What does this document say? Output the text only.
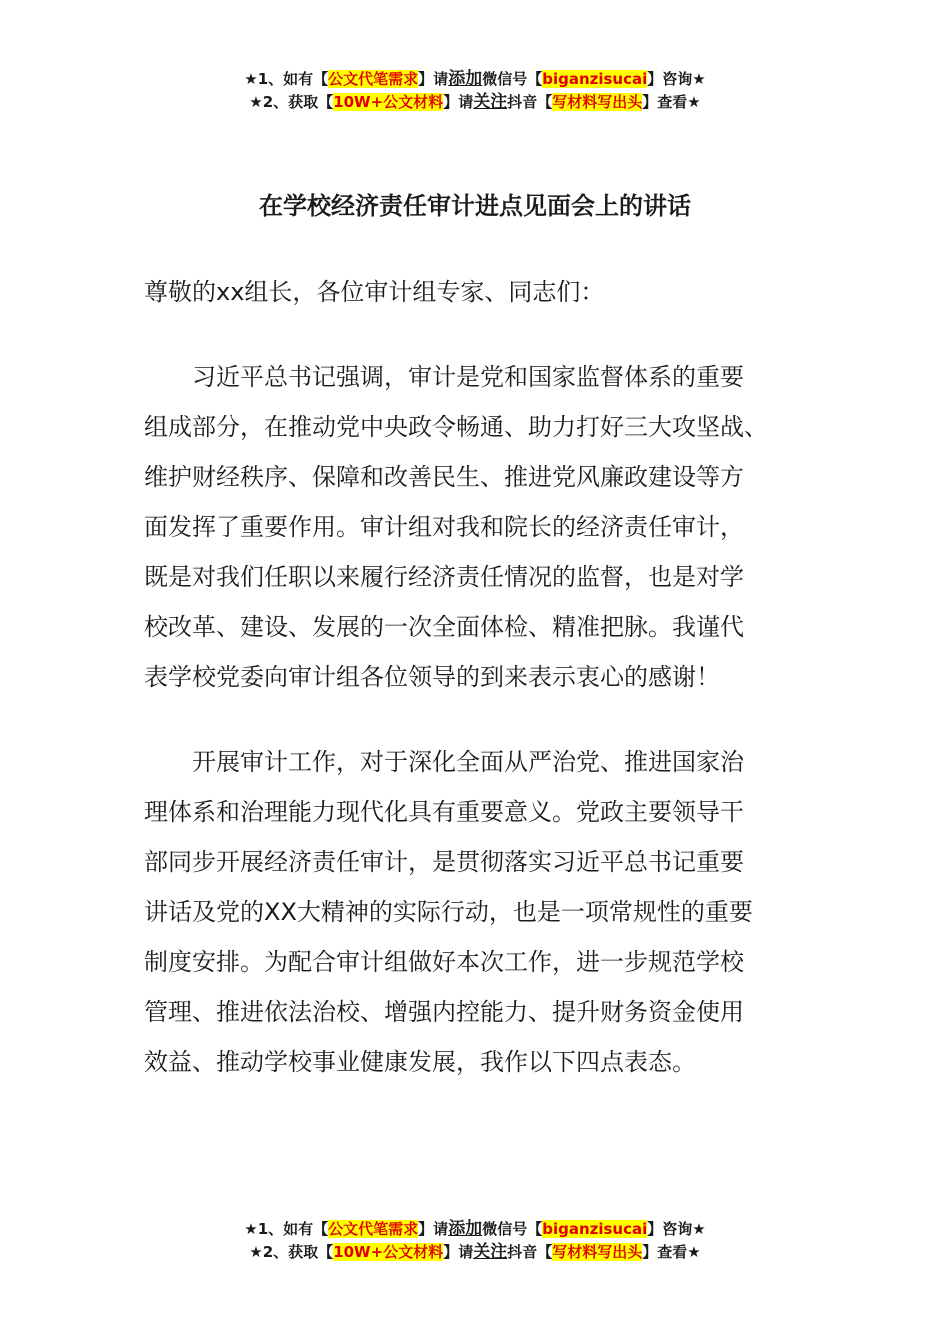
★1、如有【公文代笔需求】请添加微信号【biganzisucai】咨询★
★2、获取【10W+公文材料】请关注抖音【写材料写出头】查看★
在学校经济责任审计进点见面会上的讲话
尊敬的xx组长，各位审计组专家、同志们：

习近平总书记强调，审计是党和国家监督体系的重要
组成部分，在推动党中央政令畅通、助力打好三大攻坚战、
维护财经秩序、保障和改善民生、推进党风廉政建设等方
面发挥了重要作用。审计组对我和院长的经济责任审计，
既是对我们任职以来履行经济责任情况的监督，也是对学
校改革、建设、发展的一次全面体检、精准把脉。我谨代
表学校党委向审计组各位领导的到来表示衷心的感谢！

开展审计工作，对于深化全面从严治党、推进国家治
理体系和治理能力现代化具有重要意义。党政主要领导干
部同步开展经济责任审计，是贯彻落实习近平总书记重要
讲话及党的XX大精神的实际行动，也是一项常规性的重要
制度安排。为配合审计组做好本次工作，进一步规范学校
管理、推进依法治校、增强内控能力、提升财务资金使用
效益、推动学校事业健康发展，我作以下四点表态。

★1、如有【公文代笔需求】请添加微信号【biganzisucai】咨询★
★2、获取【10W+公文材料】请关注抖音【写材料写出头】查看★
